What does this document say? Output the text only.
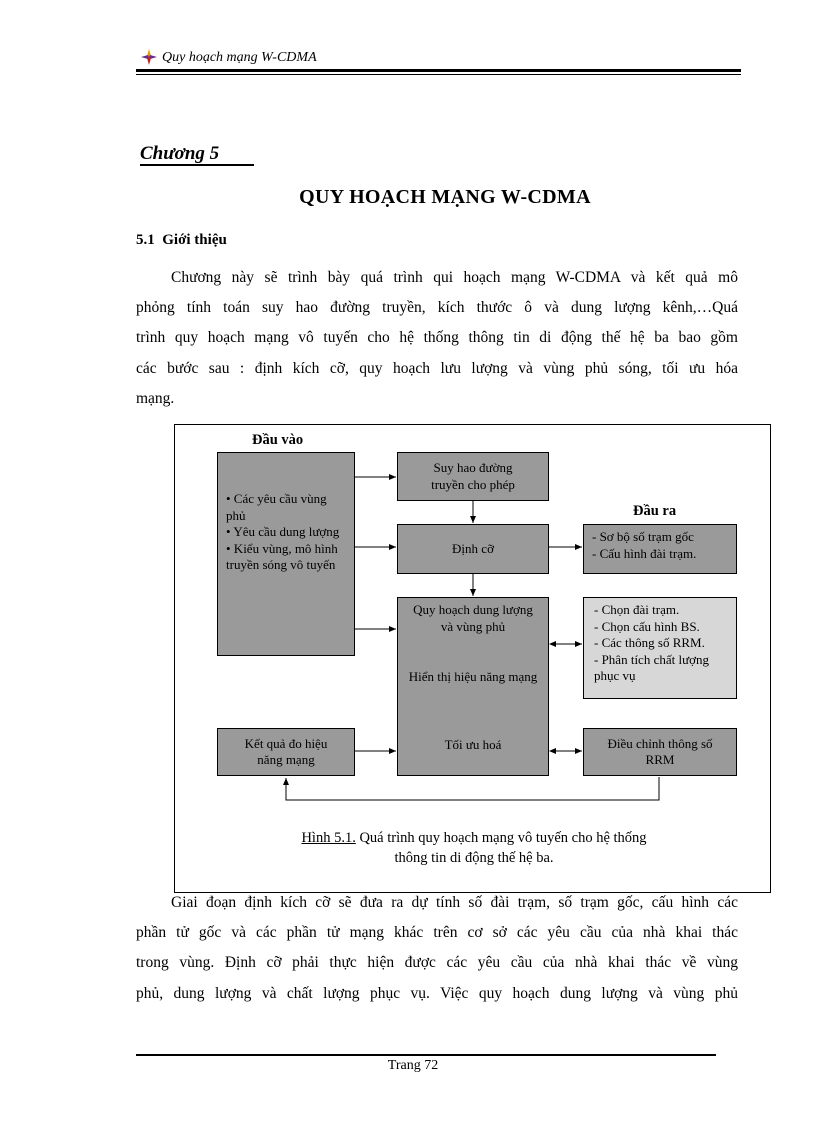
Quy hoạch mạng W-CDMA
Chương 5
QUY HOẠCH MẠNG W-CDMA
5.1 Giới thiệu
Chương này sẽ trình bày quá trình qui hoạch mạng W-CDMA và kết quả mô
phỏng tính toán suy hao đường truyền, kích thước ô và dung lượng kênh,…Quá
trình quy hoạch mạng vô tuyến cho hệ thống thông tin di động thế hệ ba bao gồm
các bước sau : định kích cỡ, quy hoạch lưu lượng và vùng phủ sóng, tối ưu hóa
mạng.
Đầu vào
Đầu ra
• Các yêu cầu vùng phủ
• Yêu cầu dung lượng
• Kiểu vùng, mô hình truyền sóng vô tuyến
Suy hao đường truyền cho phép
Định cỡ
Quy hoạch dung lượng và vùng phủ
Hiển thị hiệu năng mạng
Tối ưu hoá
- Sơ bộ số trạm gốc
- Cấu hình đài trạm.
- Chọn đài trạm.
- Chọn cấu hình BS.
- Các thông số RRM.
- Phân tích chất lượng phục vụ
Kết quả đo hiệu năng mạng
Điều chỉnh thông số RRM
Hình 5.1. Quá trình quy hoạch mạng vô tuyến cho hệ thống
thông tin di động thế hệ ba.
Giai đoạn định kích cỡ sẽ đưa ra dự tính số đài trạm, số trạm gốc, cấu hình các
phần tử gốc và các phần tử mạng khác trên cơ sở các yêu cầu của nhà khai thác
trong vùng. Định cỡ phải thực hiện được các yêu cầu của nhà khai thác về vùng
phủ, dung lượng và chất lượng phục vụ. Việc quy hoạch dung lượng và vùng phủ
Trang 72
